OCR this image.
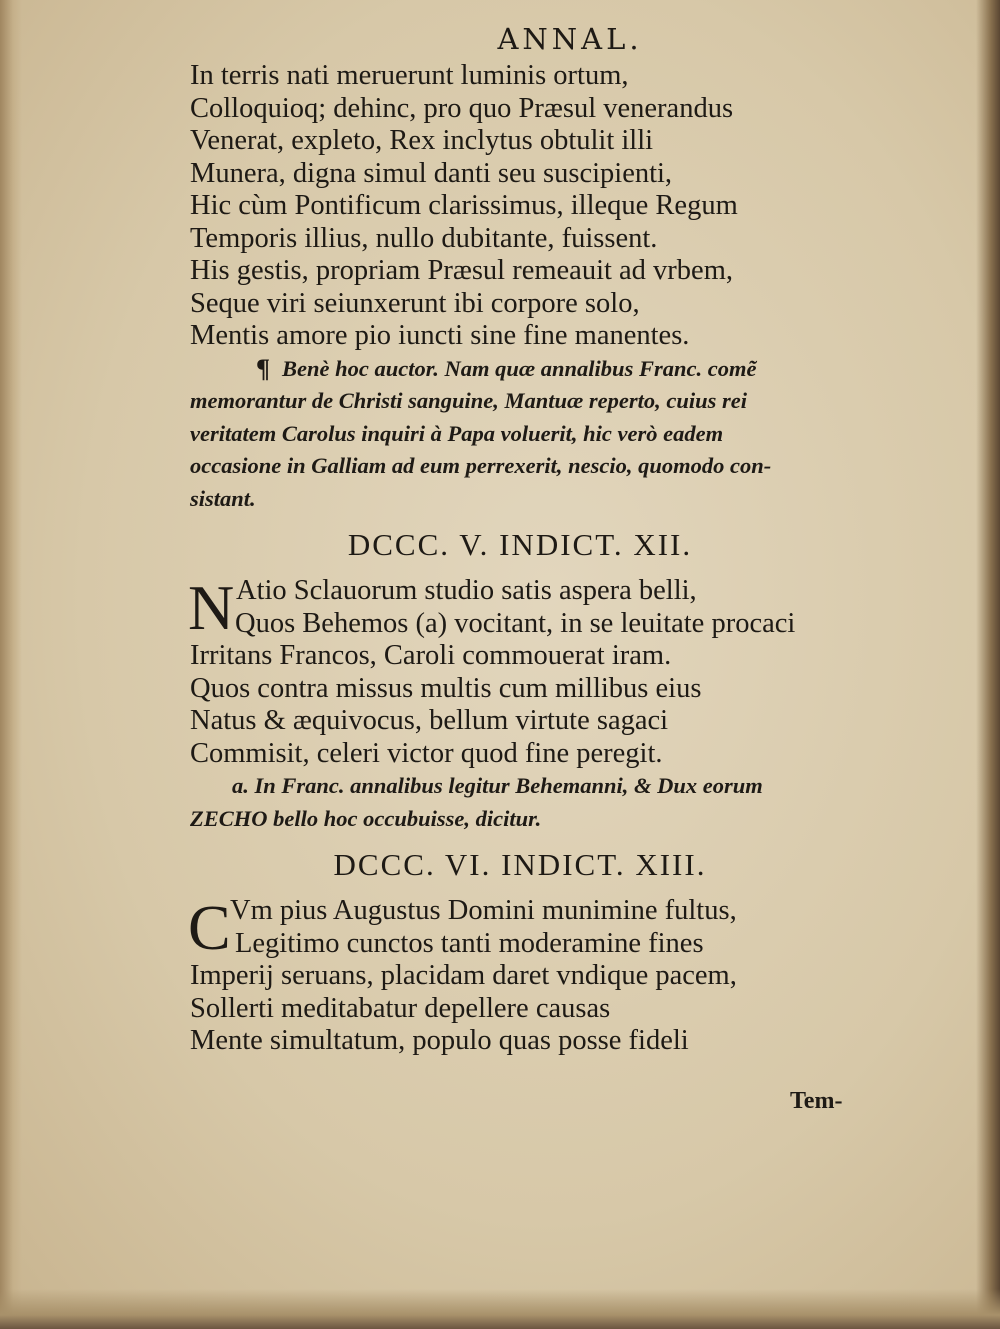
ANNAL.
In terris nati meruerunt luminis ortum,
Colloquioq; dehinc, pro quo Præsul venerandus
Venerat, expleto, Rex inclytus obtulit illi
Munera, digna simul danti seu suscipienti,
Hic cùm Pontificum clarissimus, illeque Regum
Temporis illius, nullo dubitante, fuissent.
His gestis, propriam Præsul remeauit ad vrbem,
Seque viri seiunxerunt ibi corpore solo,
Mentis amore pio iuncti sine fine manentes.
¶ Benè hoc auctor. Nam quæ annalibus Franc. comẽ
memorantur de Christi sanguine, Mantuæ reperto, cuius rei
veritatem Carolus inquiri à Papa voluerit, hic verò eadem
occasione in Galliam ad eum perrexerit, nescio, quomodo con-
sistant.
DCCC. V. INDICT. XII.
N Atio Sclauorum studio satis aspera belli,
Quos Behemos (a) vocitant, in se leuitate procaci
Irritans Francos, Caroli commouerat iram.
Quos contra missus multis cum millibus eius
Natus & æquivocus, bellum virtute sagaci
Commisit, celeri victor quod fine peregit.
a. In Franc. annalibus legitur Behemanni, & Dux eorum
ZECHO bello hoc occubuisse, dicitur.
DCCC. VI. INDICT. XIII.
C Vm pius Augustus Domini munimine fultus,
Legitimo cunctos tanti moderamine fines
Imperij seruans, placidam daret vndique pacem,
Sollerti meditabatur depellere causas
Mente simultatum, populo quas posse fideli
Tem-
